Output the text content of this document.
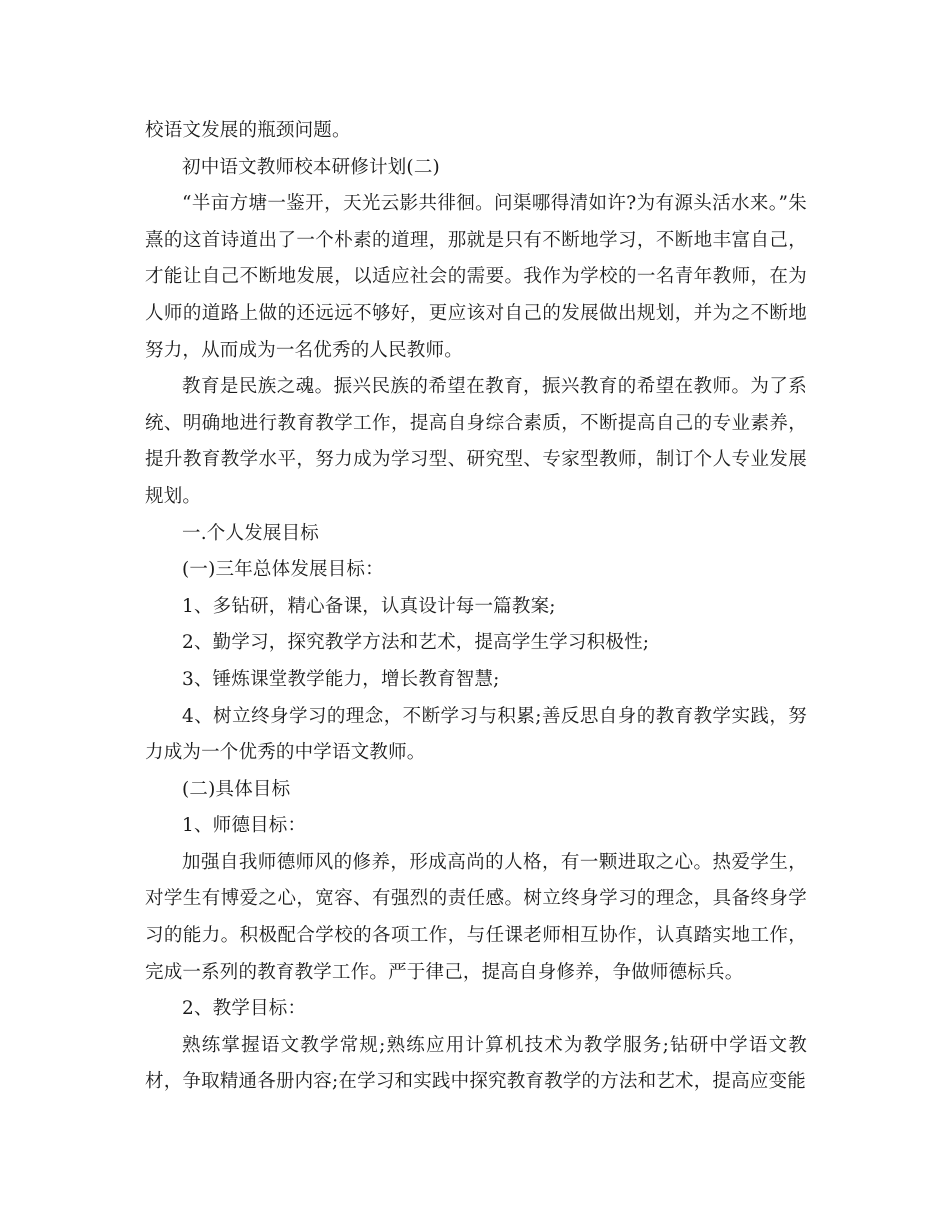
校语文发展的瓶颈问题。

初中语文教师校本研修计划(二)

“半亩方塘一鉴开，天光云影共徘徊。问渠哪得清如许?为有源头活水来。”朱熹的这首诗道出了一个朴素的道理，那就是只有不断地学习，不断地丰富自己，才能让自己不断地发展，以适应社会的需要。我作为学校的一名青年教师，在为人师的道路上做的还远远不够好，更应该对自己的发展做出规划，并为之不断地努力，从而成为一名优秀的人民教师。

教育是民族之魂。振兴民族的希望在教育，振兴教育的希望在教师。为了系统、明确地进行教育教学工作，提高自身综合素质，不断提高自己的专业素养，提升教育教学水平，努力成为学习型、研究型、专家型教师，制订个人专业发展规划。

一.个人发展目标

(一)三年总体发展目标：

1、多钻研，精心备课，认真设计每一篇教案;

2、勤学习，探究教学方法和艺术，提高学生学习积极性;

3、锤炼课堂教学能力，增长教育智慧;

4、树立终身学习的理念，不断学习与积累;善反思自身的教育教学实践，努力成为一个优秀的中学语文教师。

(二)具体目标

1、师德目标：

加强自我师德师风的修养，形成高尚的人格，有一颗进取之心。热爱学生，对学生有博爱之心，宽容、有强烈的责任感。树立终身学习的理念，具备终身学习的能力。积极配合学校的各项工作，与任课老师相互协作，认真踏实地工作，完成一系列的教育教学工作。严于律己，提高自身修养，争做师德标兵。

2、教学目标：

熟练掌握语文教学常规;熟练应用计算机技术为教学服务;钻研中学语文教材，争取精通各册内容;在学习和实践中探究教育教学的方法和艺术，提高应变能
